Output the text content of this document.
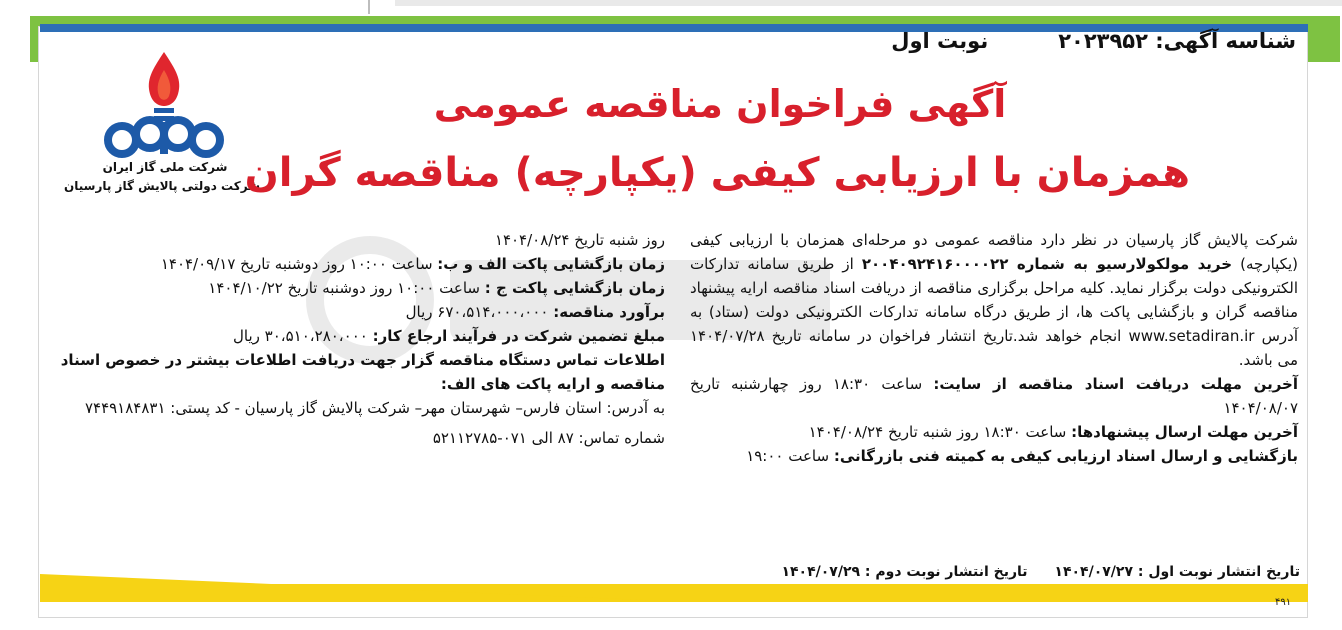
شناسه آگهی: ۲۰۲۳۹۵۲
نوبت اول
شرکت ملی گاز ایران
شرکت دولتی پالایش گاز پارسیان
آگهی فراخوان مناقصه عمومی
همزمان با ارزیابی کیفی (یکپارچه) مناقصه گران

شرکت پالایش گاز پارسیان در نظر دارد مناقصه عمومی دو مرحله‌ای همزمان با ارزیابی کیفی (یکپارچه) خرید مولکولارسیو به شماره ۲۰۰۴۰۹۲۴۱۶۰۰۰۰۲۲ از طریق سامانه تدارکات الکترونیکی دولت برگزار نماید. کلیه مراحل برگزاری مناقصه از دریافت اسناد مناقصه ارایه پیشنهاد مناقصه گران و بازگشایی پاکت ها، از طریق درگاه سامانه تدارکات الکترونیکی دولت (ستاد) به آدرس www.setadiran.ir انجام خواهد شد.تاریخ انتشار فراخوان در سامانه تاریخ ۱۴۰۴/۰۷/۲۸ می باشد.

آخرین مهلت دریافت اسناد مناقصه از سایت: ساعت ۱۸:۳۰ روز چهارشنبه تاریخ ۱۴۰۴/۰۸/۰۷

آخرین مهلت ارسال پیشنهادها: ساعت ۱۸:۳۰ روز شنبه تاریخ ۱۴۰۴/۰۸/۲۴

بازگشایی و ارسال اسناد ارزیابی کیفی به کمیته فنی بازرگانی: ساعت ۱۹:۰۰

روز شنبه تاریخ ۱۴۰۴/۰۸/۲۴

زمان بازگشایی پاکت الف و ب: ساعت ۱۰:۰۰ روز دوشنبه تاریخ ۱۴۰۴/۰۹/۱۷

زمان بازگشایی پاکت ج : ساعت ۱۰:۰۰ روز دوشنبه تاریخ ۱۴۰۴/۱۰/۲۲

برآورد مناقصه: ۶۷۰،۵۱۴،۰۰۰،۰۰۰ ریال

مبلغ تضمین شرکت در فرآیند ارجاع کار: ۳۰،۵۱۰،۲۸۰،۰۰۰ ریال

اطلاعات تماس دستگاه مناقصه گزار جهت دریافت اطلاعات بیشتر در خصوص اسناد مناقصه و ارایه پاکت های الف:

به آدرس: استان فارس– شهرستان مهر– شرکت پالایش گاز پارسیان - کد پستی: ۷۴۴۹۱۸۴۸۳۱

شماره تماس: ۸۷ الی ۰۷۱-۵۲۱۱۲۷۸۵

تاریخ انتشار نوبت اول : ۱۴۰۴/۰۷/۲۷ تاریخ انتشار نوبت دوم : ۱۴۰۴/۰۷/۲۹
۴۹۱
